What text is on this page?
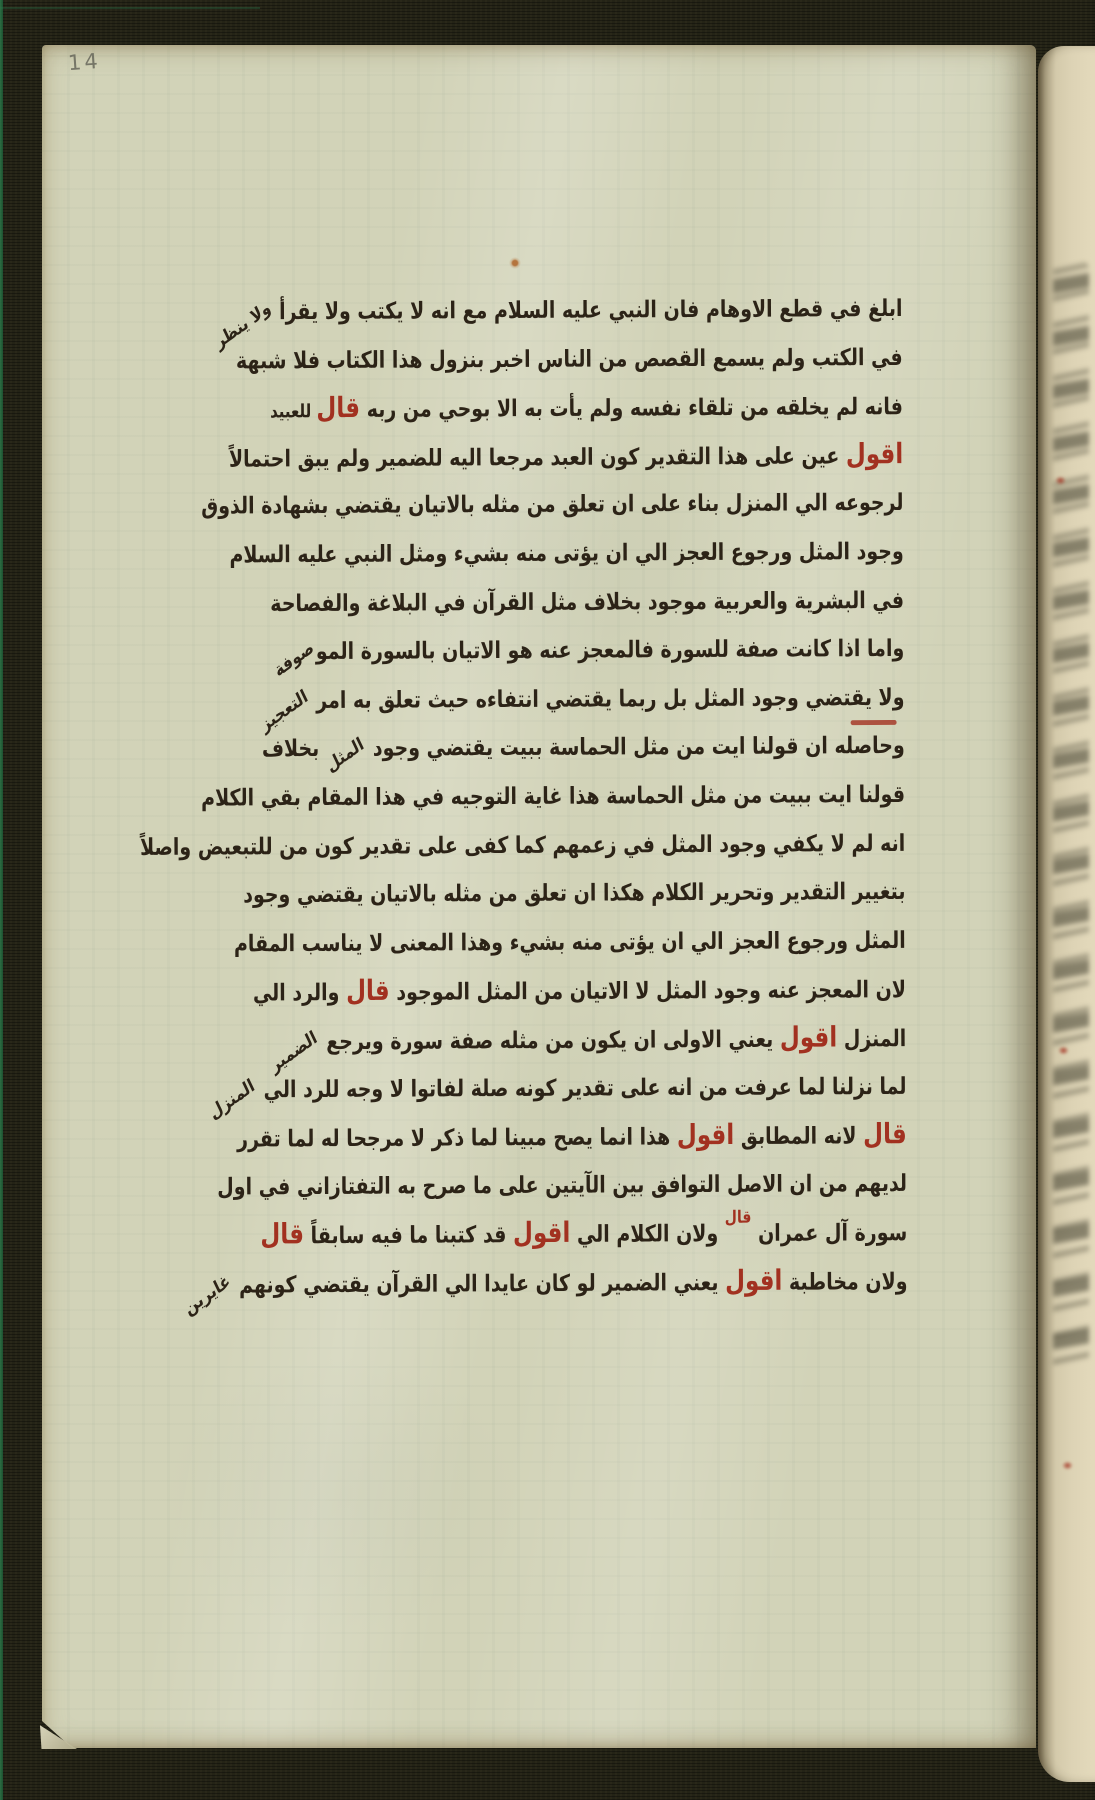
14
ابلغ في قطع الاوهام فان النبي عليه السلام مع انه لا يكتب ولا يقرأ ولا ينظر
في الكتب ولم يسمع القصص من الناس اخبر بنزول هذا الكتاب فلا شبهة
فانه لم يخلقه من تلقاء نفسه ولم يأت به الا بوحي من ربه قال للعبيد
اقول عين على هذا التقدير كون العبد مرجعا اليه للضمير ولم يبق احتمالاً
لرجوعه الي المنزل بناء على ان تعلق من مثله بالاتيان يقتضي بشهادة الذوق
وجود المثل ورجوع العجز الي ان يؤتى منه بشيء ومثل النبي عليه السلام
في البشرية والعربية موجود بخلاف مثل القرآن في البلاغة والفصاحة
واما اذا كانت صفة للسورة فالمعجز عنه هو الاتيان بالسورة الموصوفة
ولا يقتضي وجود المثل بل ربما يقتضي انتفاءه حيث تعلق به امر التعجيز
وحاصله ان قولنا ايت من مثل الحماسة ببيت يقتضي وجود المثل بخلاف
قولنا ايت ببيت من مثل الحماسة هذا غاية التوجيه في هذا المقام بقي الكلام
انه لم لا يكفي وجود المثل في زعمهم كما كفى على تقدير كون من للتبعيض واصلاً
بتغيير التقدير وتحرير الكلام هكذا ان تعلق من مثله بالاتيان يقتضي وجود
المثل ورجوع العجز الي ان يؤتى منه بشيء وهذا المعنى لا يناسب المقام
لان المعجز عنه وجود المثل لا الاتيان من المثل الموجود قال والرد الي
المنزل اقول يعني الاولى ان يكون من مثله صفة سورة ويرجع الضمير
لما نزلنا لما عرفت من انه على تقدير كونه صلة لفاتوا لا وجه للرد الي المنزل
قال لانه المطابق اقول هذا انما يصح مبينا لما ذكر لا مرجحا له لما تقرر
لديهم من ان الاصل التوافق بين الآيتين على ما صرح به التفتازاني في اول
سورة آل عمران $^{قال}$ ولان الكلام الي اقول قد كتبنا ما فيه سابقاً قال
ولان مخاطبة اقول يعني الضمير لو كان عايدا الي القرآن يقتضي كونهم غايرين
